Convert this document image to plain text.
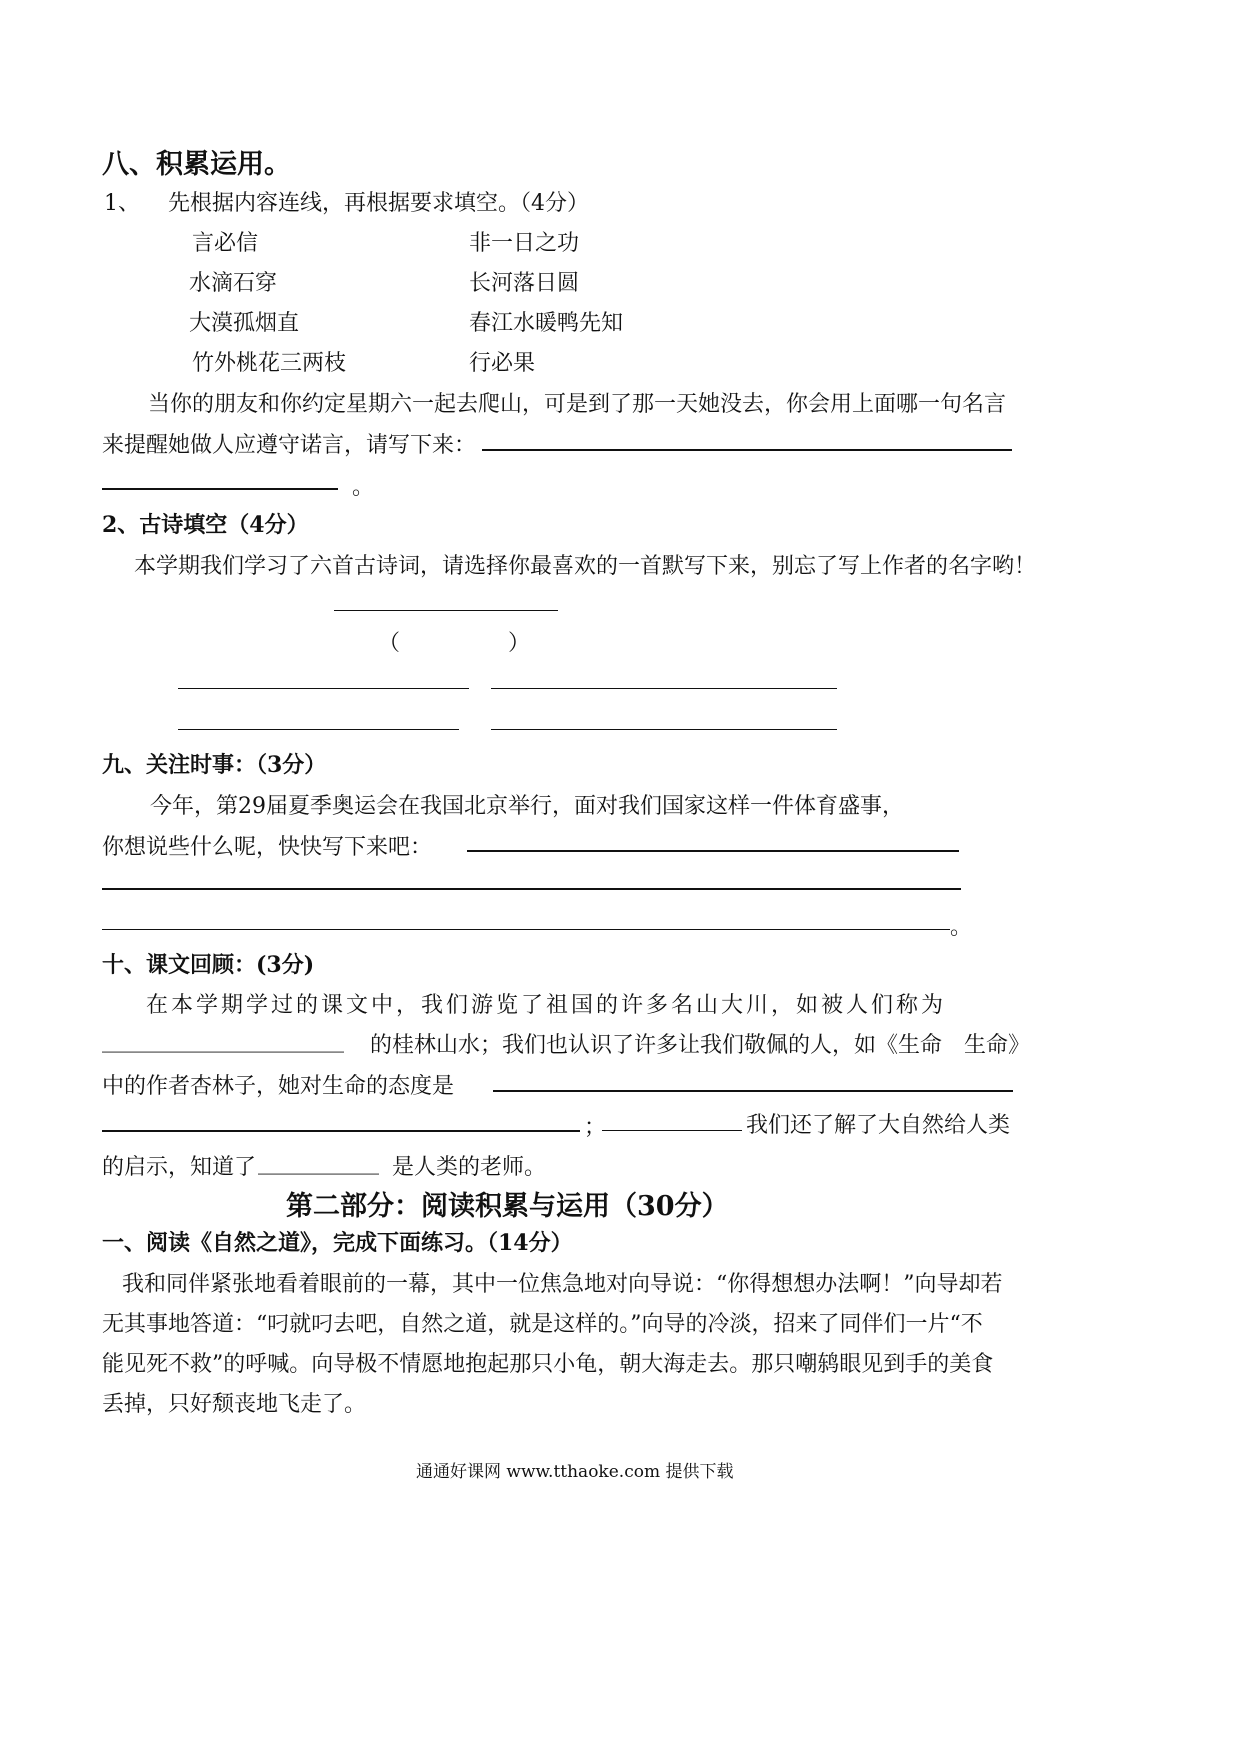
八、积累运用。
1、 先根据内容连线，再根据要求填空。（4分）
言必信
水滴石穿
大漠孤烟直
竹外桃花三两枝
非一日之功
长河落日圆
春江水暖鸭先知
行必果
当你的朋友和你约定星期六一起去爬山，可是到了那一天她没去，你会用上面哪一句名言
来提醒她做人应遵守诺言，请写下来：
。
2、古诗填空（4分）
本学期我们学习了六首古诗词，请选择你最喜欢的一首默写下来，别忘了写上作者的名字哟！
（	）
九、关注时事：（3分）
今年，第29届夏季奥运会在我国北京举行，面对我们国家这样一件体育盛事，
你想说些什么呢，快快写下来吧：
。
十、课文回顾：(3分)
在本学期学过的课文中，我们游览了祖国的许多名山大川，如被人们称为
______________________ 的桂林山水；我们也认识了许多让我们敬佩的人，如《生命　生命》
中的作者杏林子，她对生命的态度是
；	我们还了解了大自然给人类
的启示，知道了 ___________ 是人类的老师。
第二部分：阅读积累与运用（30分）
一、阅读《自然之道》，完成下面练习。（14分）
我和同伴紧张地看着眼前的一幕，其中一位焦急地对向导说：“你得想想办法啊！”向导却若
无其事地答道：“叼就叼去吧，自然之道，就是这样的。”向导的冷淡，招来了同伴们一片“不
能见死不救”的呼喊。向导极不情愿地抱起那只小龟，朝大海走去。那只嘲鸫眼见到手的美食
丢掉，只好颓丧地飞走了。
通通好课网 www.tthaoke.com 提供下载
